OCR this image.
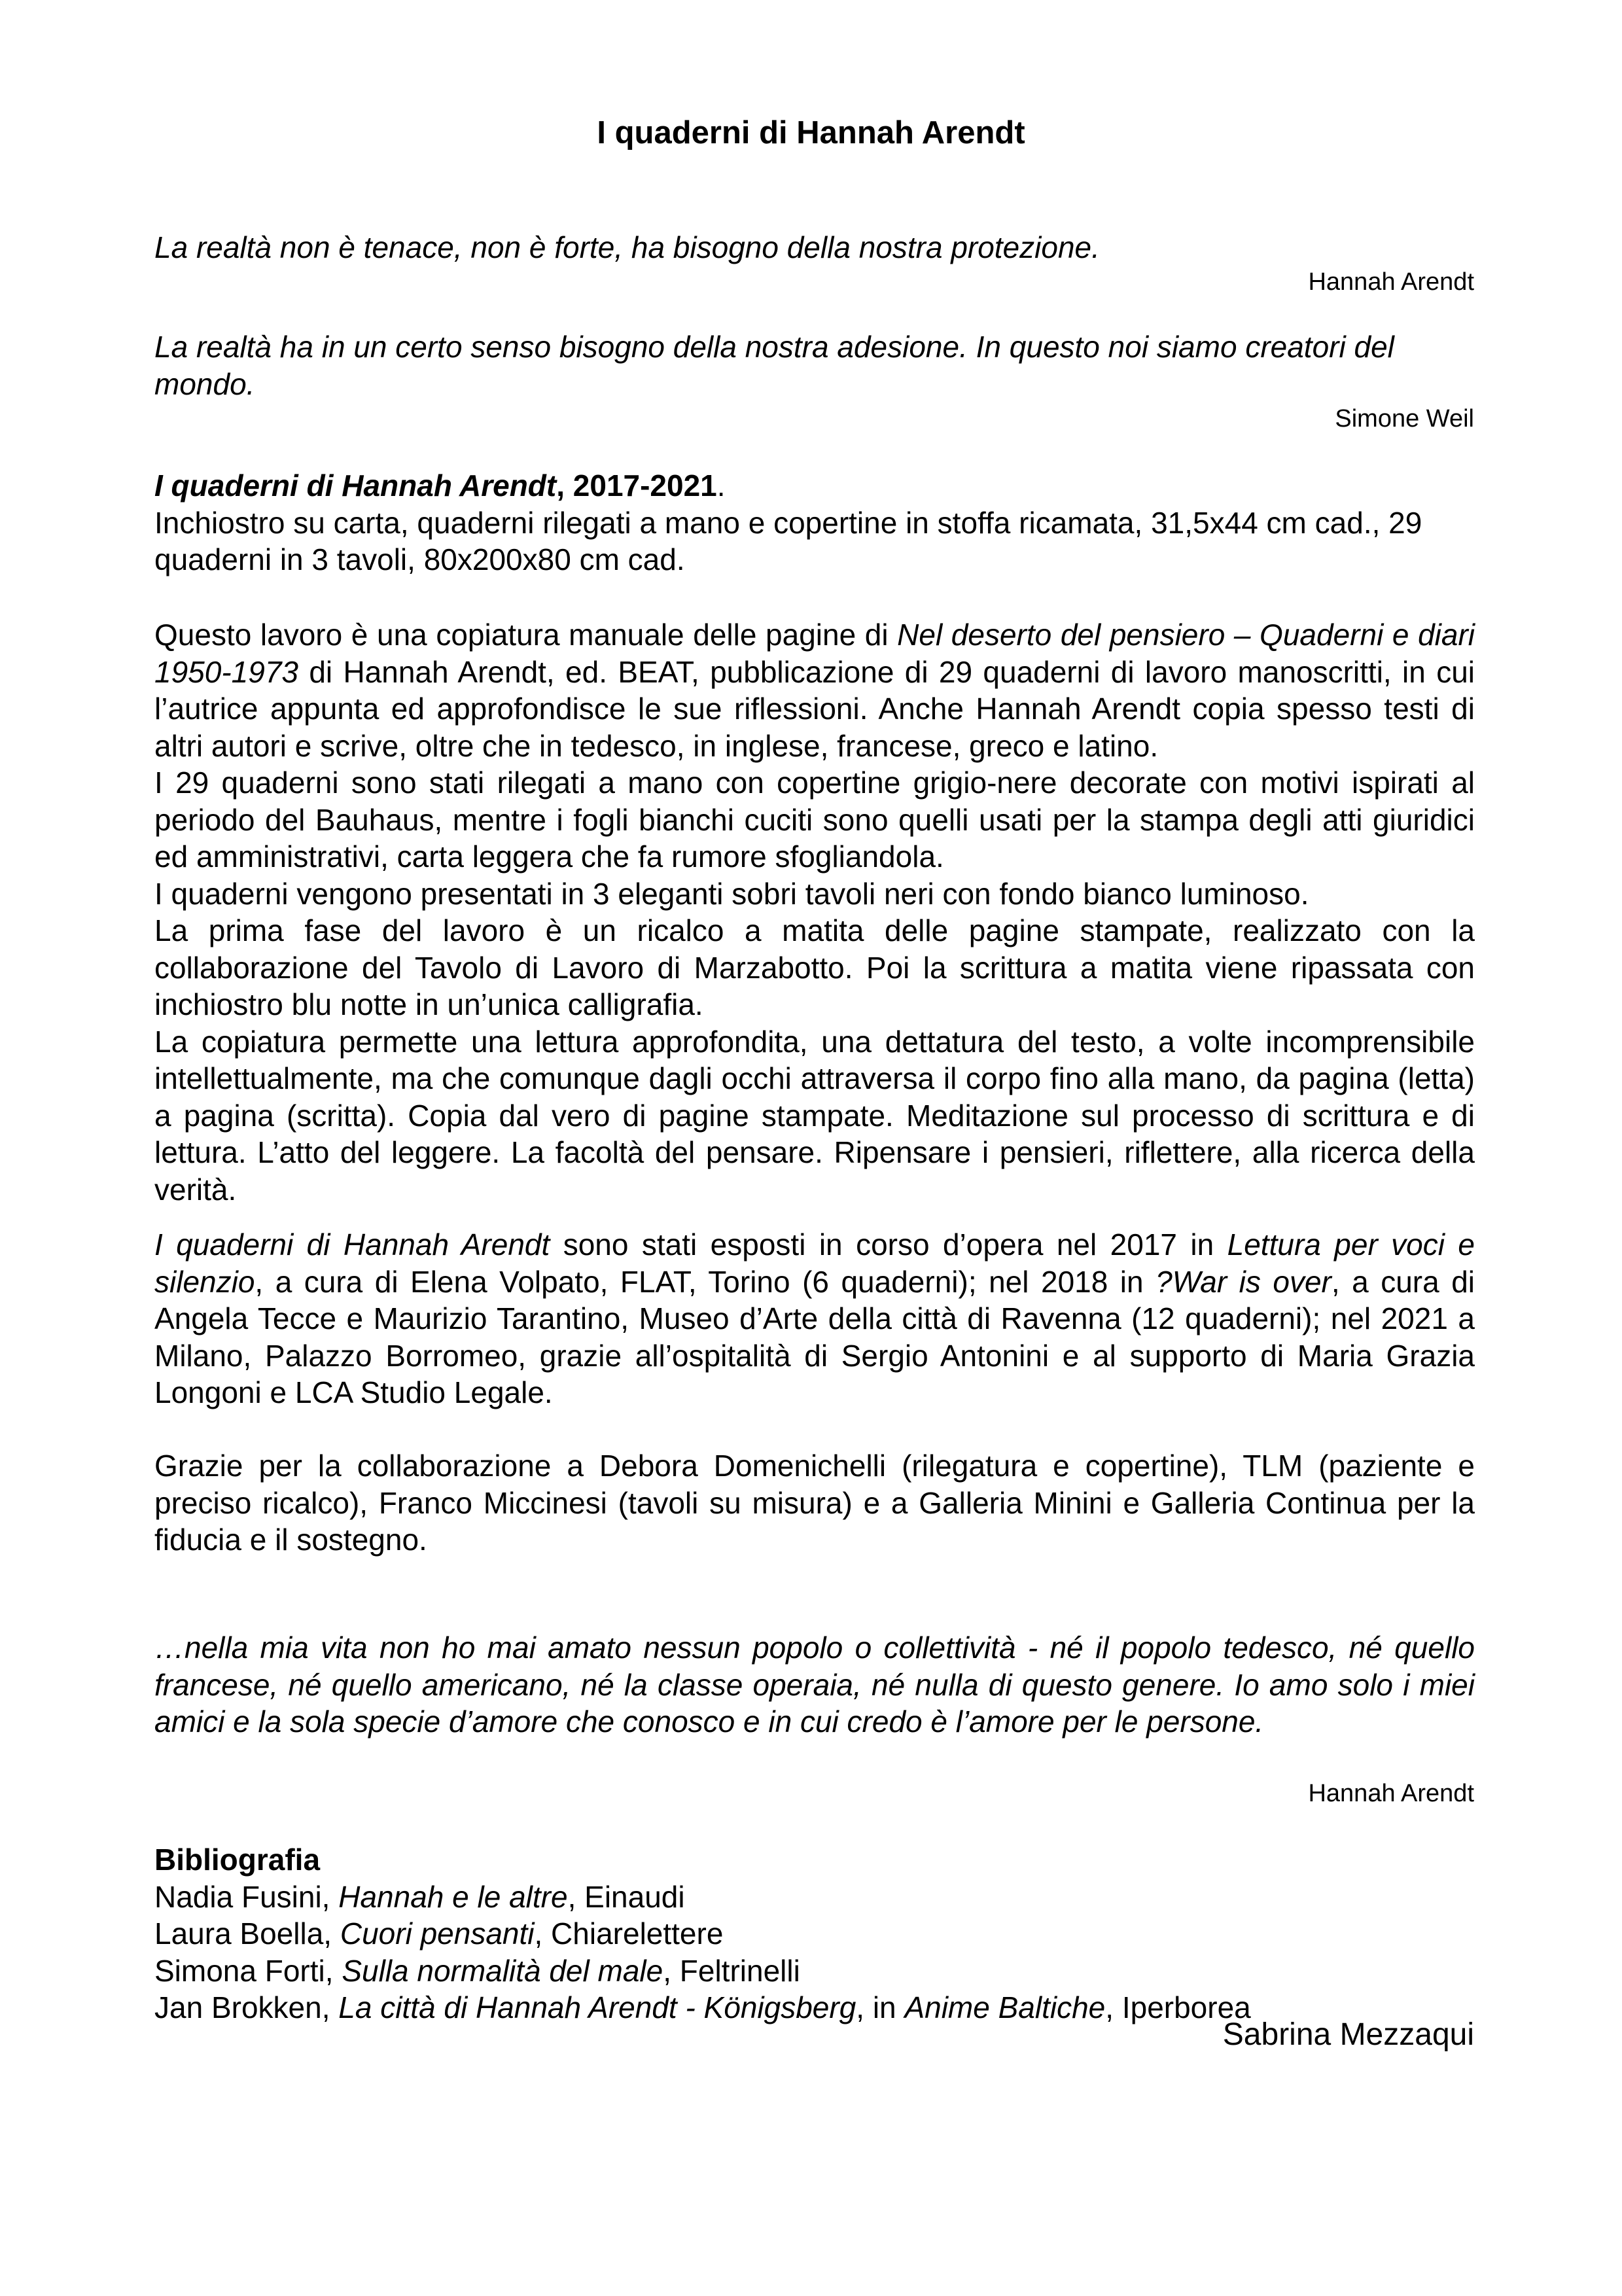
I quaderni di Hannah Arendt

La realtà non è tenace, non è forte, ha bisogno della nostra protezione.

Hannah Arendt

La realtà ha in un certo senso bisogno della nostra adesione. In questo noi siamo creatori del mondo.

Simone Weil

I quaderni di Hannah Arendt, 2017-2021.
Inchiostro su carta, quaderni rilegati a mano e copertine in stoffa ricamata, 31,5x44 cm cad., 29 quaderni in 3 tavoli, 80x200x80 cm cad.

Questo lavoro è una copiatura manuale delle pagine di Nel deserto del pensiero – Quaderni e diari 1950-1973 di Hannah Arendt, ed. BEAT, pubblicazione di 29 quaderni di lavoro manoscritti, in cui l’autrice appunta ed approfondisce le sue riflessioni. Anche Hannah Arendt copia spesso testi di altri autori e scrive, oltre che in tedesco, in inglese, francese, greco e latino.
I 29 quaderni sono stati rilegati a mano con copertine grigio-nere decorate con motivi ispirati al periodo del Bauhaus, mentre i fogli bianchi cuciti sono quelli usati per la stampa degli atti giuridici ed amministrativi, carta leggera che fa rumore sfogliandola.
I quaderni vengono presentati in 3 eleganti sobri tavoli neri con fondo bianco luminoso.
La prima fase del lavoro è un ricalco a matita delle pagine stampate, realizzato con la collaborazione del Tavolo di Lavoro di Marzabotto. Poi la scrittura a matita viene ripassata con inchiostro blu notte in un’unica calligrafia.
La copiatura permette una lettura approfondita, una dettatura del testo, a volte incomprensibile intellettualmente, ma che comunque dagli occhi attraversa il corpo fino alla mano, da pagina (letta) a pagina (scritta). Copia dal vero di pagine stampate. Meditazione sul processo di scrittura e di lettura. L’atto del leggere. La facoltà del pensare. Ripensare i pensieri, riflettere, alla ricerca della verità.

I quaderni di Hannah Arendt sono stati esposti in corso d’opera nel 2017 in Lettura per voci e silenzio, a cura di Elena Volpato, FLAT, Torino (6 quaderni); nel 2018 in ?War is over, a cura di Angela Tecce e Maurizio Tarantino, Museo d’Arte della città di Ravenna (12 quaderni); nel 2021 a Milano, Palazzo Borromeo, grazie all’ospitalità di Sergio Antonini e al supporto di Maria Grazia Longoni e LCA Studio Legale.

Grazie per la collaborazione a Debora Domenichelli (rilegatura e copertine), TLM (paziente e preciso ricalco), Franco Miccinesi (tavoli su misura) e a Galleria Minini e Galleria Continua per la fiducia e il sostegno.

…nella mia vita non ho mai amato nessun popolo o collettività - né il popolo tedesco, né quello francese, né quello americano, né la classe operaia, né nulla di questo genere. Io amo solo i miei amici e la sola specie d’amore che conosco e in cui credo è l’amore per le persone.

Hannah Arendt

Bibliografia
Nadia Fusini, Hannah e le altre, Einaudi
Laura Boella, Cuori pensanti, Chiarelettere
Simona Forti, Sulla normalità del male, Feltrinelli
Jan Brokken, La città di Hannah Arendt - Königsberg, in Anime Baltiche, Iperborea

Sabrina Mezzaqui
